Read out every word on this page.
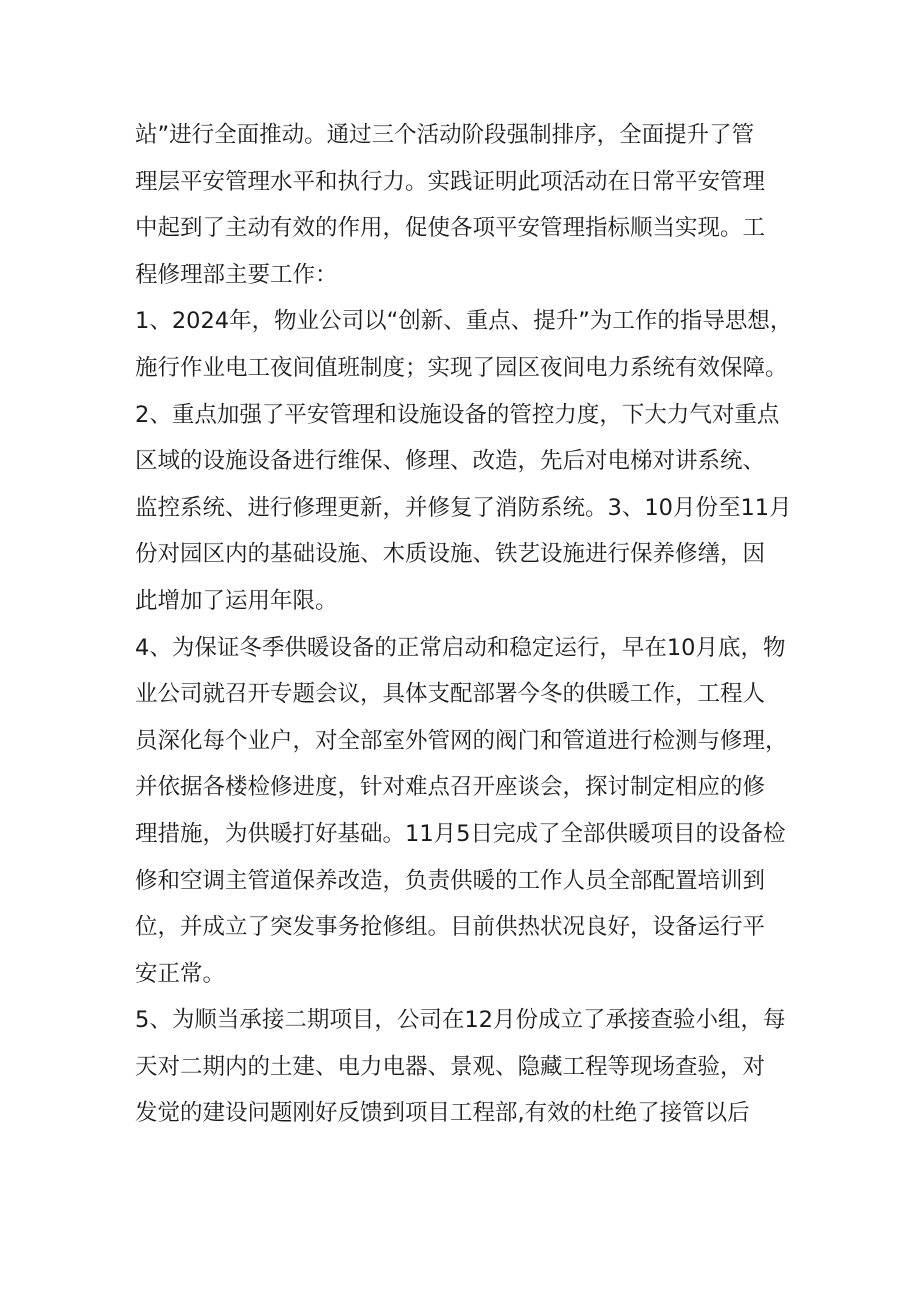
站”进行全面推动。通过三个活动阶段强制排序，全面提升了管
理层平安管理水平和执行力。实践证明此项活动在日常平安管理
中起到了主动有效的作用，促使各项平安管理指标顺当实现。工
程修理部主要工作：
1、2024年，物业公司以“创新、重点、提升”为工作的指导思想，
施行作业电工夜间值班制度；实现了园区夜间电力系统有效保障。
2、重点加强了平安管理和设施设备的管控力度，下大力气对重点
区域的设施设备进行维保、修理、改造，先后对电梯对讲系统、
监控系统、进行修理更新，并修复了消防系统。3、10月份至11月
份对园区内的基础设施、木质设施、铁艺设施进行保养修缮，因
此增加了运用年限。
4、为保证冬季供暖设备的正常启动和稳定运行，早在10月底，物
业公司就召开专题会议，具体支配部署今冬的供暖工作，工程人
员深化每个业户，对全部室外管网的阀门和管道进行检测与修理，
并依据各楼检修进度，针对难点召开座谈会，探讨制定相应的修
理措施，为供暖打好基础。11月5日完成了全部供暖项目的设备检
修和空调主管道保养改造，负责供暖的工作人员全部配置培训到
位，并成立了突发事务抢修组。目前供热状况良好，设备运行平
安正常。
5、为顺当承接二期项目，公司在12月份成立了承接查验小组，每
天对二期内的土建、电力电器、景观、隐藏工程等现场查验，对
发觉的建设问题刚好反馈到项目工程部,有效的杜绝了接管以后
